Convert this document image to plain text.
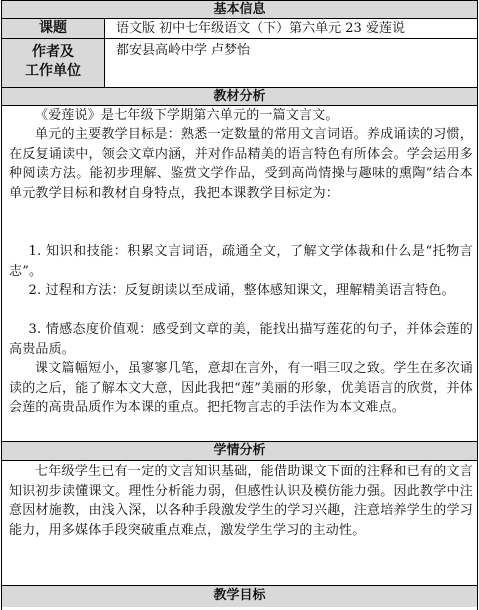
基本信息
课题	语文版 初中七年级语文（下）第六单元 23 爱莲说
作者及
工作单位
都安县高岭中学 卢梦怡
教材分析

《爱莲说》是七年级下学期第六单元的一篇文言文。

单元的主要教学目标是：熟悉一定数量的常用文言词语。养成诵读的习惯，在反复诵读中，领会文章内涵，并对作品精美的语言特色有所体会。学会运用多种阅读方法。能初步理解、鉴赏文学作品，受到高尚情操与趣味的熏陶”结合本单元教学目标和教材自身特点，我把本课教学目标定为：

1. 知识和技能：积累文言词语，疏通全文，了解文学体裁和什么是“托物言志”。

2. 过程和方法：反复朗读以至成诵，整体感知课文，理解精美语言特色。

3. 情感态度价值观：感受到文章的美，能找出描写莲花的句子，并体会莲的高贵品质。

课文篇幅短小，虽寥寥几笔，意却在言外，有一唱三叹之致。学生在多次诵读的之后，能了解本文大意，因此我把“莲”美丽的形象，优美语言的欣赏，并体会莲的高贵品质作为本课的重点。把托物言志的手法作为本文难点。

学情分析

七年级学生已有一定的文言知识基础，能借助课文下面的注释和已有的文言知识初步读懂课文。理性分析能力弱，但感性认识及模仿能力强。因此教学中注意因材施教，由浅入深，以各种手段激发学生的学习兴趣，注意培养学生的学习能力，用多媒体手段突破重点难点，激发学生学习的主动性。

教学目标
